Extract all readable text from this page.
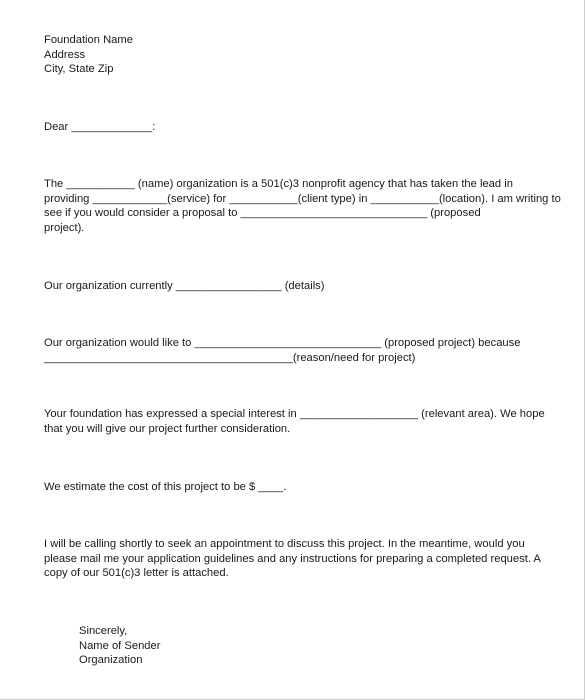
Foundation Name
Address
City, State Zip
Dear _____________:
The ___________ (name) organization is a 501(c)3 nonprofit agency that has taken the lead in
providing ____________(service) for ___________(client type) in ___________(location). I am writing to
see if you would consider a proposal to ______________________________ (proposed
project).
Our organization currently _________________ (details)
Our organization would like to ______________________________ (proposed project) because
________________________________________(reason/need for project)
Your foundation has expressed a special interest in ___________________ (relevant area). We hope
that you will give our project further consideration.
We estimate the cost of this project to be $ ____.
I will be calling shortly to seek an appointment to discuss this project. In the meantime, would you
please mail me your application guidelines and any instructions for preparing a completed request. A
copy of our 501(c)3 letter is attached.
Sincerely,
Name of Sender
Organization
